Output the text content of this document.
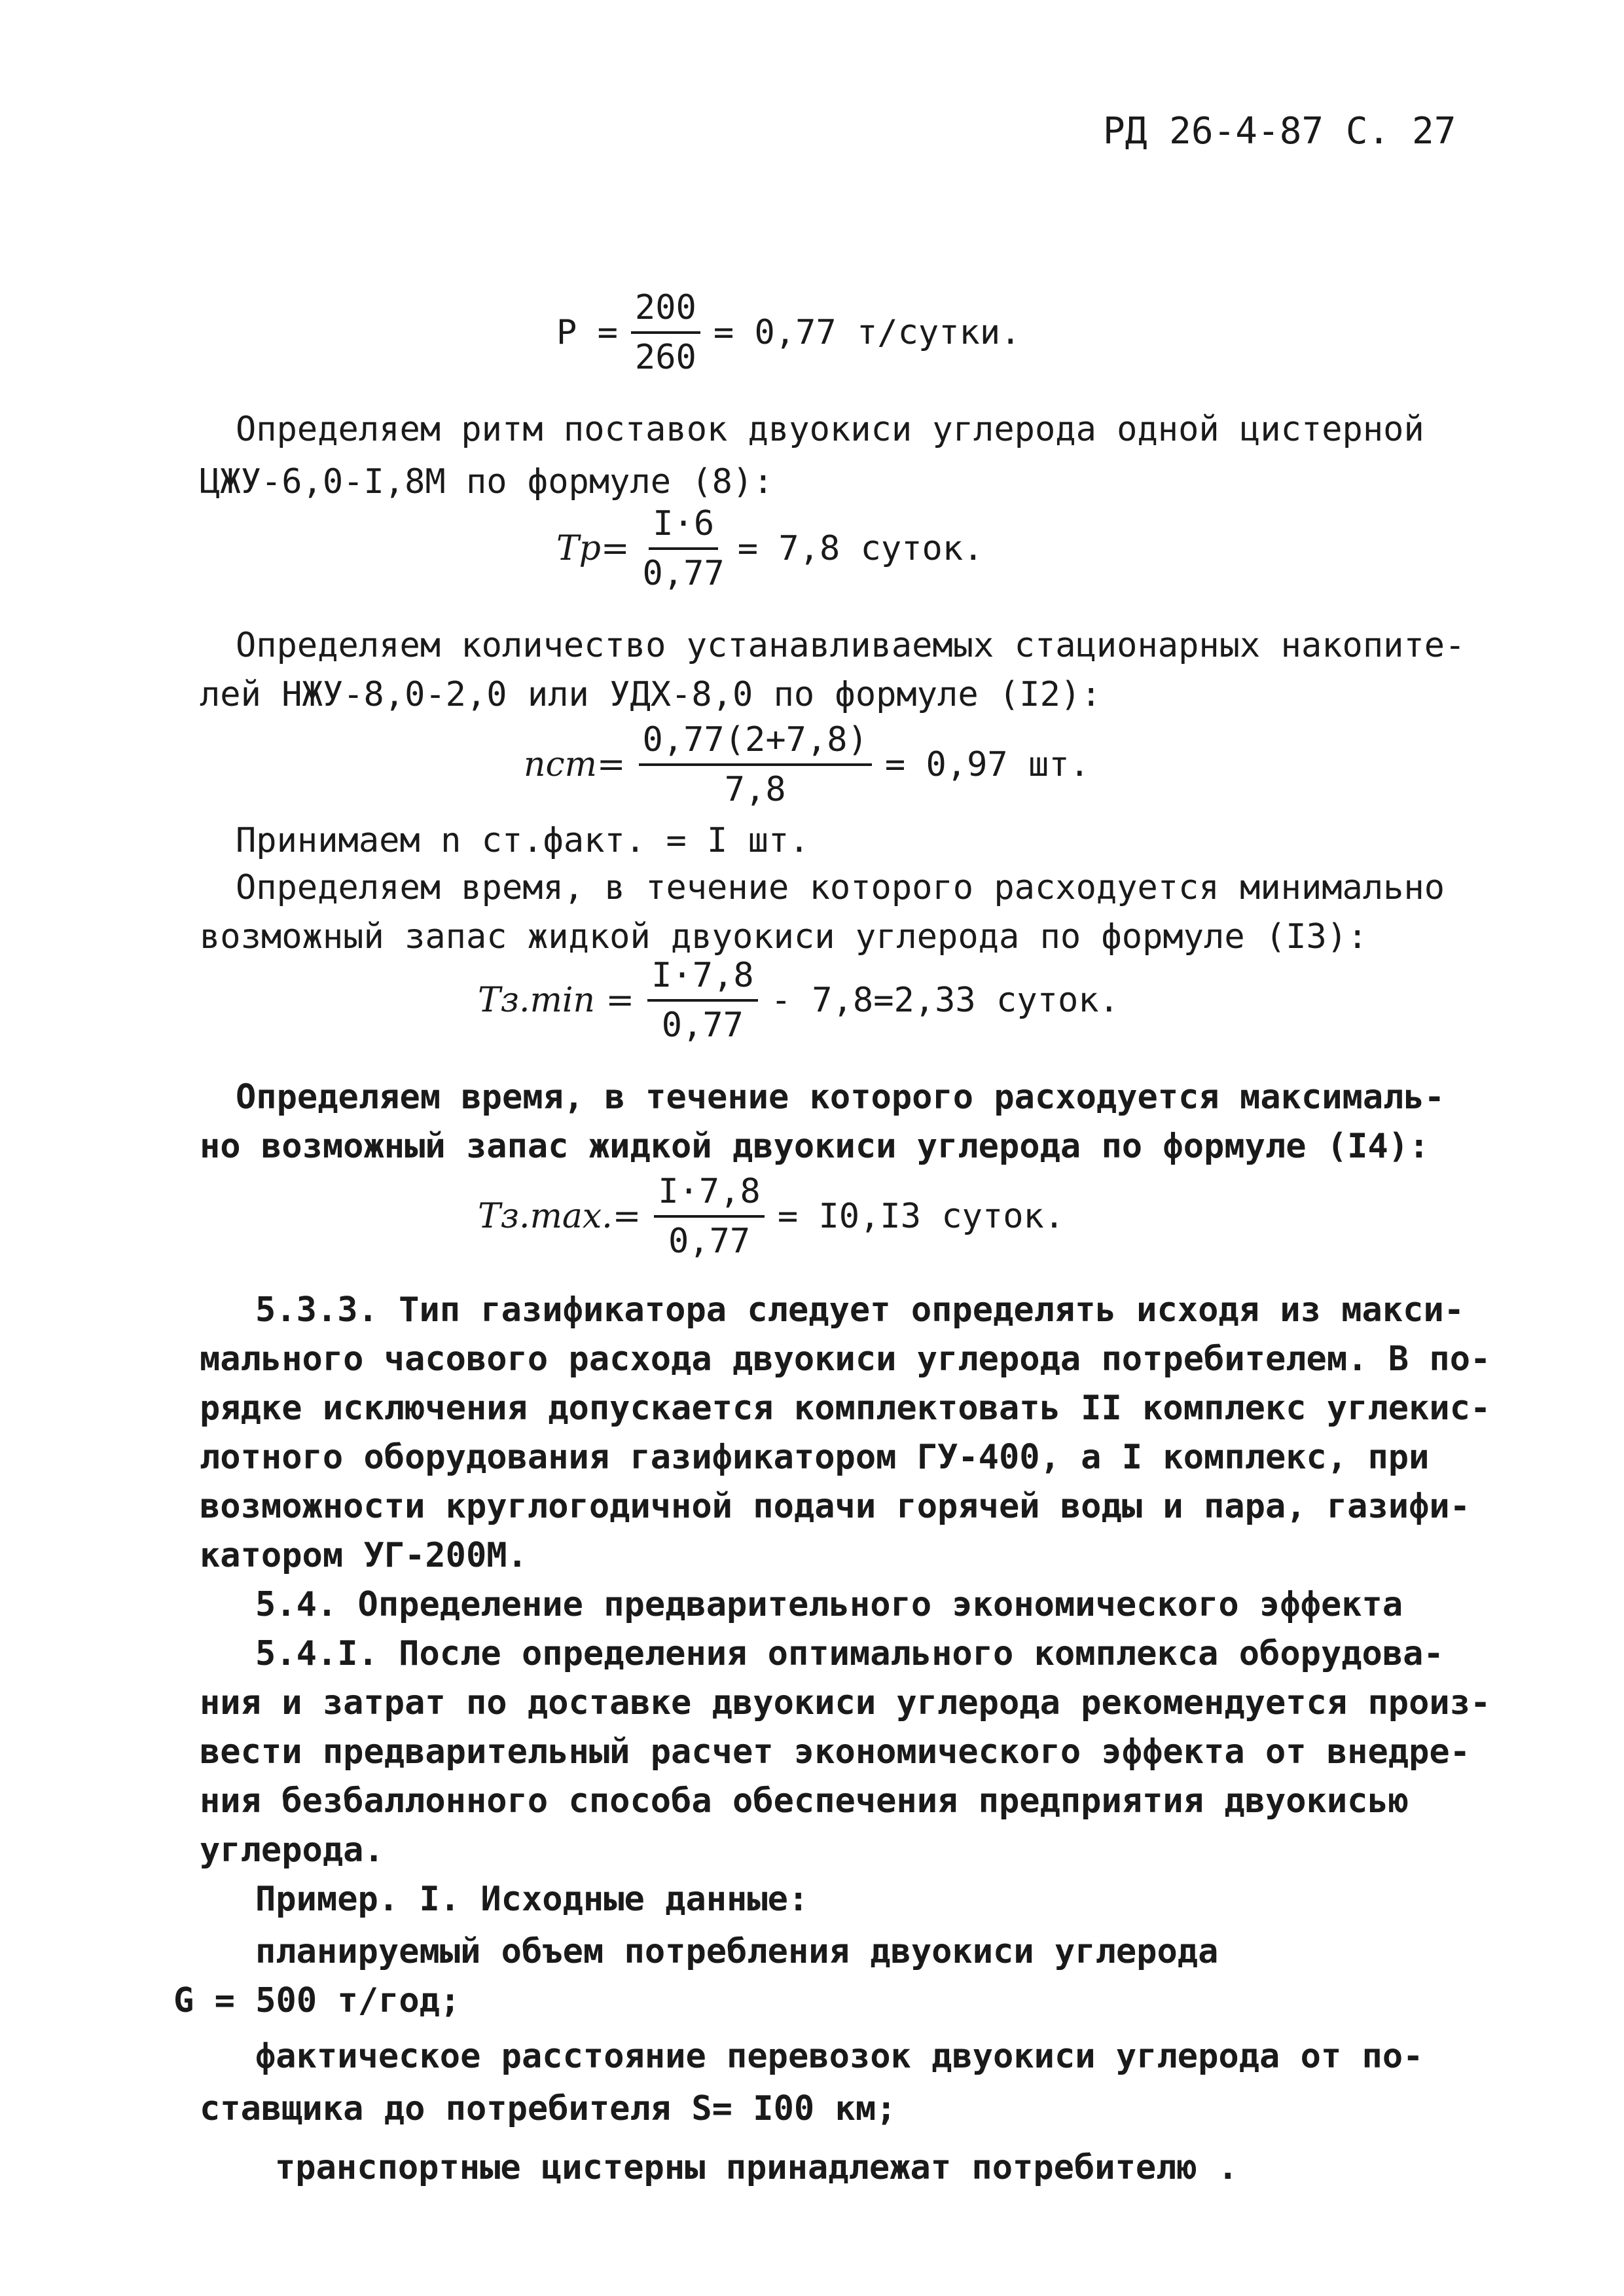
РД 26-4-87 С. 27
$Р = \frac{200}{260} = 0,77$ т/сутки.
Определяем ритм поставок двуокиси углерода одной цистерной
ЦЖУ-6,0-I,8М по формуле (8):
$Тр= \frac{I\cdot 6}{0,77} = 7,8$ суток.
Определяем количество устанавливаемых стационарных накопите-
лей НЖУ-8,0-2,0 или УДХ-8,0 по формуле (I2):
$nст= \frac{0,77(2+7,8)}{7,8} = 0,97$ шт.
Принимаем n ст.факт. = I шт.
Определяем время, в течение которого расходуется минимально
возможный запас жидкой двуокиси углерода по формуле (I3):
$Tз.\min = \frac{I\cdot 7,8}{0,77} - 7,8=2,33$ суток.
Определяем время, в течение которого расходуется максималь-
но возможный запас жидкой двуокиси углерода по формуле (I4):
$Tз.\max.= \frac{I\cdot 7,8}{0,77} = I0,I3$ суток.
5.3.3. Тип газификатора следует определять исходя из макси-
мального часового расхода двуокиси углерода потребителем. В по-
рядке исключения допускается комплектовать II комплекс углекис-
лотного оборудования газификатором ГУ-400, а I комплекс, при
возможности круглогодичной подачи горячей воды и пара, газифи-
катором УГ-200М.
5.4. Определение предварительного экономического эффекта
5.4.I. После определения оптимального комплекса оборудова-
ния и затрат по доставке двуокиси углерода рекомендуется произ-
вести предварительный расчет экономического эффекта от внедре-
ния безбаллонного способа обеспечения предприятия двуокисью
углерода.
Пример. I. Исходные данные:
планируемый объем потребления двуокиси углерода
G = 500 т/год;
фактическое расстояние перевозок двуокиси углерода от по-
ставщика до потребителя S= I00 км;
транспортные цистерны принадлежат потребителю .
